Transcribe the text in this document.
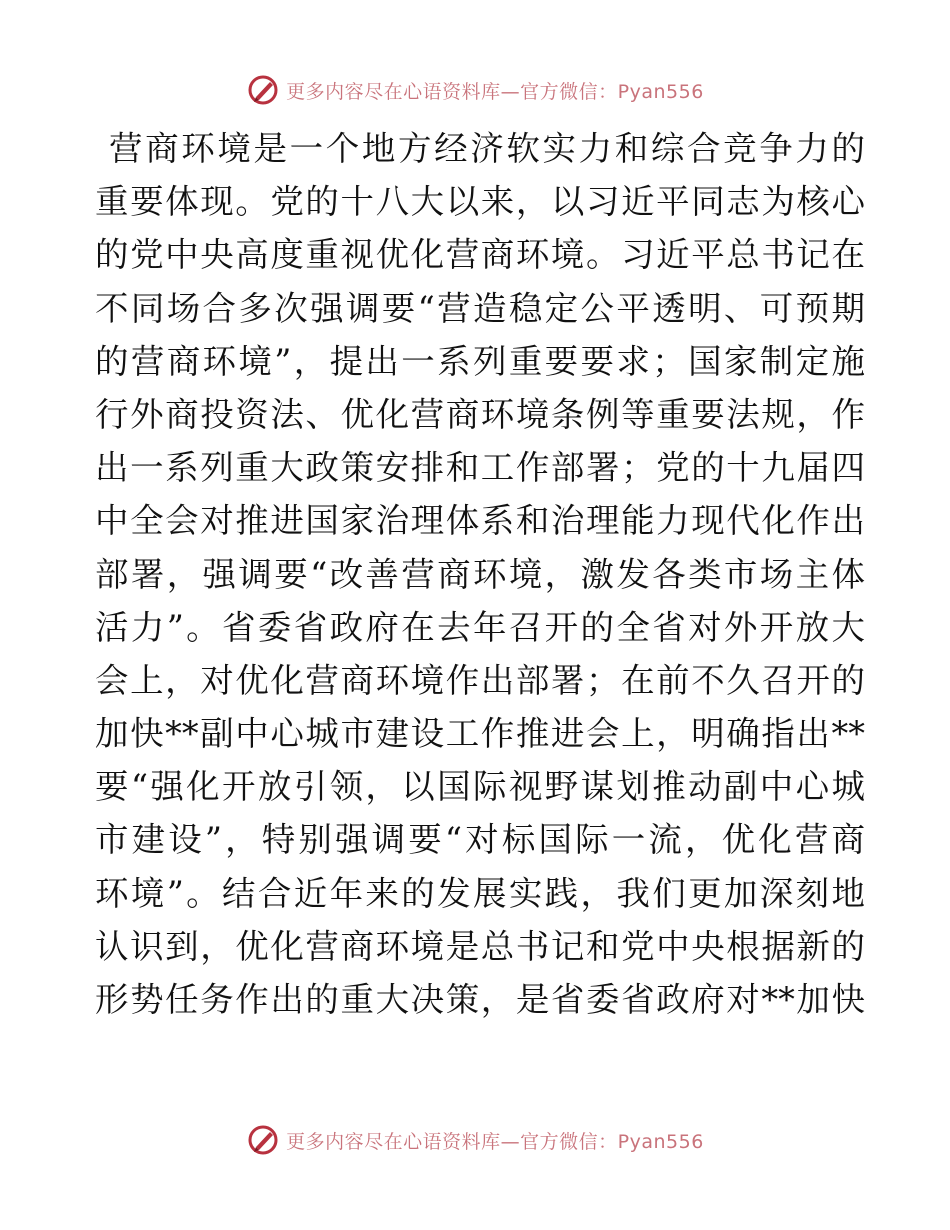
更多内容尽在心语资料库—官方微信：Pyan556
营商环境是一个地方经济软实力和综合竞争力的
重要体现。党的十八大以来，以习近平同志为核心
的党中央高度重视优化营商环境。习近平总书记在
不同场合多次强调要“营造稳定公平透明、可预期
的营商环境”，提出一系列重要要求；国家制定施
行外商投资法、优化营商环境条例等重要法规，作
出一系列重大政策安排和工作部署；党的十九届四
中全会对推进国家治理体系和治理能力现代化作出
部署，强调要“改善营商环境，激发各类市场主体
活力”。省委省政府在去年召开的全省对外开放大
会上，对优化营商环境作出部署；在前不久召开的
加快**副中心城市建设工作推进会上，明确指出**
要“强化开放引领，以国际视野谋划推动副中心城
市建设”，特别强调要“对标国际一流，优化营商
环境”。结合近年来的发展实践，我们更加深刻地
认识到，优化营商环境是总书记和党中央根据新的
形势任务作出的重大决策，是省委省政府对**加快
更多内容尽在心语资料库—官方微信：Pyan556
